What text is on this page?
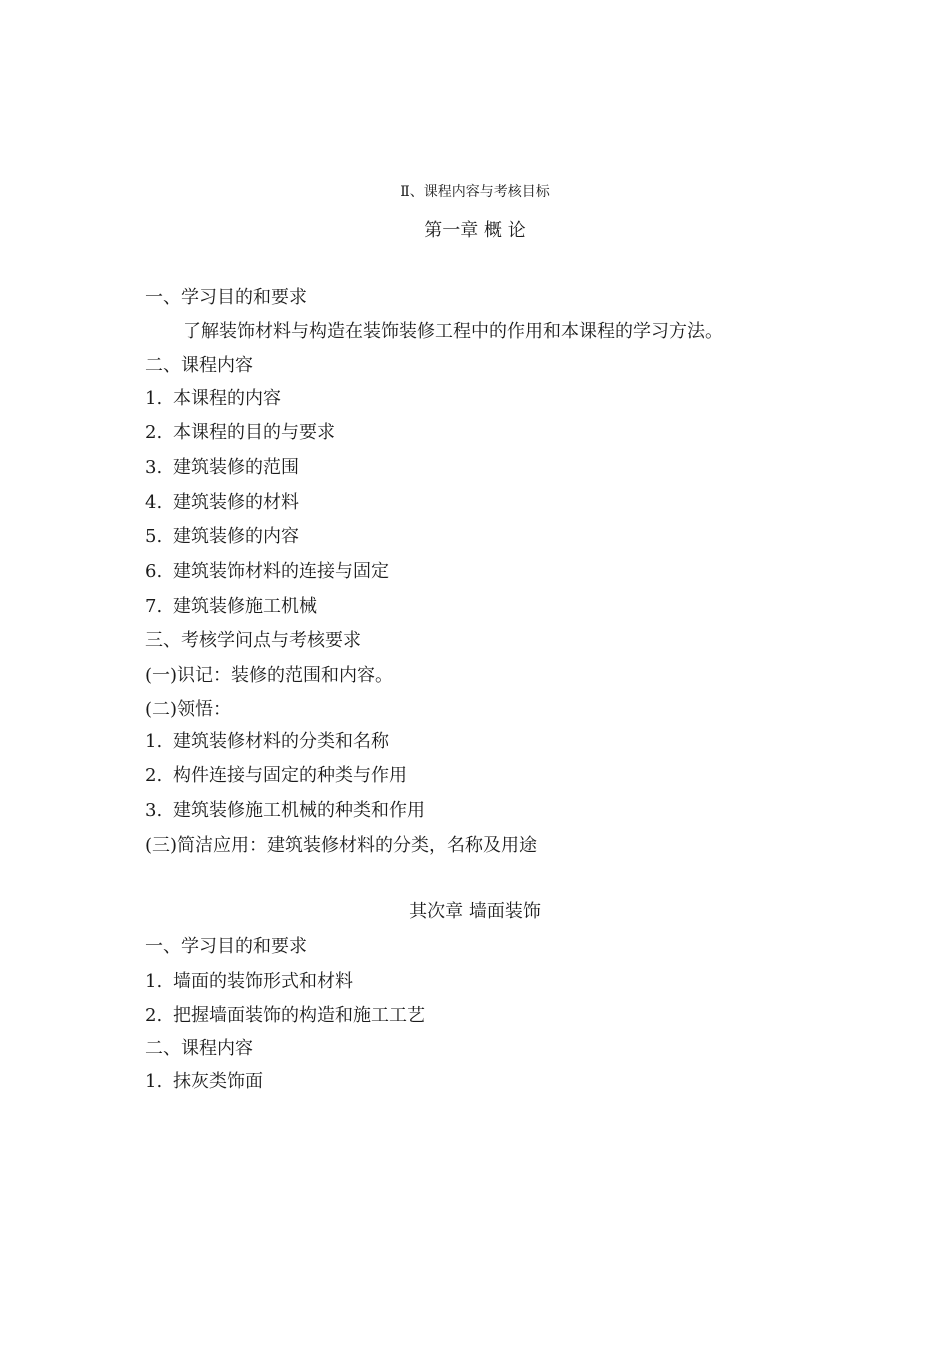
Ⅱ、课程内容与考核目标

第一章 概 论

一、学习目的和要求

了解装饰材料与构造在装饰装修工程中的作用和本课程的学习方法。

二、课程内容

1. 本课程的内容

2. 本课程的目的与要求

3. 建筑装修的范围

4. 建筑装修的材料

5. 建筑装修的内容

6. 建筑装饰材料的连接与固定

7. 建筑装修施工机械

三、考核学问点与考核要求

(一)识记：装修的范围和内容。

(二)领悟：

1. 建筑装修材料的分类和名称

2. 构件连接与固定的种类与作用

3. 建筑装修施工机械的种类和作用

(三)简洁应用：建筑装修材料的分类，名称及用途

其次章 墙面装饰

一、学习目的和要求

1. 墙面的装饰形式和材料

2. 把握墙面装饰的构造和施工工艺

二、课程内容

1. 抹灰类饰面
